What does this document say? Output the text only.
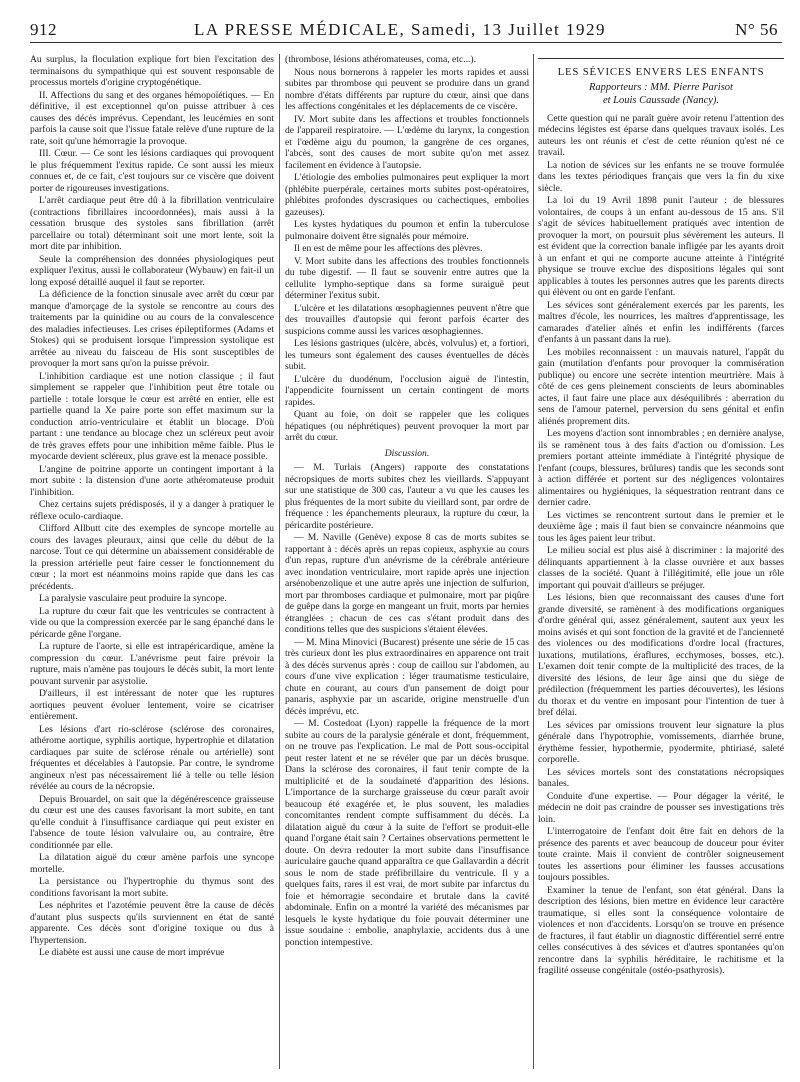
912	LA PRESSE MÉDICALE, Samedi, 13 Juillet 1929	N° 56

Au surplus, la floculation explique fort bien l'excitation des terminaisons du sympathique qui est souvent responsable de processus mortels d'origine cryptogénétique.

II. Affections du sang et des organes hémopoïétiques. — En définitive, il est exceptionnel qu'on puisse attribuer à ces causes des décès imprévus. Cependant, les leucémies en sont parfois la cause soit que l'issue fatale relève d'une rupture de la rate, soit qu'une hémorragie la provoque.

III. Cœur. — Ce sont les lésions cardiaques qui provoquent le plus fréquemment l'exitus rapide. Ce sont aussi les mieux connues et, de ce fait, c'est toujours sur ce viscère que doivent porter de rigoureuses investigations.

L'arrêt cardiaque peut être dû à la fibrillation ventriculaire (contractions fibrillaires incoordonnées), mais aussi à la cessation brusque des systoles sans fibrillation (arrêt parcellaire ou total) déterminant soit une mort lente, soit la mort dite par inhibition.

Seule la compréhension des données physiologiques peut expliquer l'exitus, aussi le collaborateur (Wybauw) en fait-il un long exposé détaillé auquel il faut se reporter.

La déficience de la fonction sinusale avec arrêt du cœur par manque d'amorçage de la systole se rencontre au cours des traitements par la quinidine ou au cours de la convalescence des maladies infectieuses. Les crises épileptiformes (Adams et Stokes) qui se produisent lorsque l'impression systolique est arrêtée au niveau du faisceau de His sont susceptibles de provoquer la mort sans qu'on la puisse prévoir.

L'inhibition cardiaque est une notion classique ; il faut simplement se rappeler que l'inhibition peut être totale ou partielle : totale lorsque le cœur est arrêté en entier, elle est partielle quand la Xe paire porte son effet maximum sur la conduction atrio-ventriculaire et établit un blocage. D'où partant : une tendance au blocage chez un scléreux peut avoir de très graves effets pour une inhibition même faible. Plus le myocarde devient scléreux, plus grave est la menace possible.

L'angine de poitrine apporte un contingent important à la mort subite : la distension d'une aorte athéromateuse produit l'inhibition.

Chez certains sujets prédisposés, il y a danger à pratiquer le réflexe oculo-cardiaque.

Clifford Allbutt cite des exemples de syncope mortelle au cours des lavages pleuraux, ainsi que celle du début de la narcose. Tout ce qui détermine un abaissement considérable de la pression artérielle peut faire cesser le fonctionnement du cœur ; la mort est néanmoins moins rapide que dans les cas précédents.

La paralysie vasculaire peut produire la syncope.

La rupture du cœur fait que les ventricules se contractent à vide ou que la compression exercée par le sang épanché dans le péricarde gêne l'organe.

La rupture de l'aorte, si elle est intrapéricardique, amène la compression du cœur. L'anévrisme peut faire prévoir la rupture, mais n'amène pas toujours le décès subit, la mort lente pouvant survenir par asystolie.

D'ailleurs, il est intéressant de noter que les ruptures aortiques peuvent évoluer lentement, voire se cicatriser entièrement.

Les lésions d'art rio-sclérose (sclérose des coronaires, athérome aortique, syphilis aortique, hypertrophie et dilatation cardiaques par suite de sclérose rénale ou artérielle) sont fréquentes et décelables à l'autopsie. Par contre, le syndrome angineux n'est pas nécessairement lié à telle ou telle lésion révélée au cours de la nécropsie.

Depuis Brouardel, on sait que la dégénérescence graisseuse du cœur est une des causes favorisant la mort subite, en tant qu'elle conduit à l'insuffisance cardiaque qui peut exister en l'absence de toute lésion valvulaire ou, au contraire, être conditionnée par elle.

La dilatation aiguë du cœur amène parfois une syncope mortelle.

La persistance ou l'hypertrophie du thymus sont des conditions favorisant la mort subite.

Les néphrites et l'azotémie peuvent être la cause de décès d'autant plus suspects qu'ils surviennent en état de santé apparente. Ces décès sont d'origine toxique ou dus à l'hypertension.

Le diabète est aussi une cause de mort imprévue

(thrombose, lésions athéromateuses, coma, etc...).

Nous nous bornerons à rappeler les morts rapides et aussi subites par thrombose qui peuvent se produire dans un grand nombre d'états différents par rupture du cœur, ainsi que dans les affections congénitales et les déplacements de ce viscère.

IV. Mort subite dans les affections et troubles fonctionnels de l'appareil respiratoire. — L'œdème du larynx, la congestion et l'œdème aigu du poumon, la gangrène de ces organes, l'abcès, sont des causes de mort subite qu'on met assez facilement en évidence à l'autopsie.

L'étiologie des embolies pulmonaires peut expliquer la mort (phlébite puerpérale, certaines morts subites post-opératoires, phlébites profondes dyscrasiques ou cachectiques, embolies gazeuses).

Les kystes hydatiques du poumon et enfin la tuberculose pulmonaire doivent être signalés pour mémoire.

Il en est de même pour les affections des plèvres.

V. Mort subite dans les affections des troubles fonctionnels du tube digestif. — Il faut se souvenir entre autres que la cellulite lympho-septique dans sa forme suraiguë peut déterminer l'exitus subit.

L'ulcère et les dilatations œsophagiennes peuvent n'être que des trouvailles d'autopsie qui feront parfois écarter des suspicions comme aussi les varices œsophagiennes.

Les lésions gastriques (ulcère, abcès, volvulus) et, a fortiori, les tumeurs sont également des causes éventuelles de décès subit.

L'ulcère du duodénum, l'occlusion aiguë de l'intestin, l'appendicite fournissent un certain contingent de morts rapides.

Quant au foie, on doit se rappeler que les coliques hépatiques (ou néphrétiques) peuvent provoquer la mort par arrêt du cœur.

Discussion.

— M. Turlais (Angers) rapporte des constatations nécropsiques de morts subites chez les vieillards. S'appuyant sur une statistique de 300 cas, l'auteur a vu que les causes les plus fréquentes de la mort subite du vieillard sont, par ordre de fréquence : les épanchements pleuraux, la rupture du cœur, la péricardite postérieure.

— M. Naville (Genève) expose 8 cas de morts subites se rapportant à : décès après un repas copieux, asphyxie au cours d'un repas, rupture d'un anévrisme de la cérébrale antérieure avec inondation ventriculaire, mort rapide après une injection arsénobenzolique et une autre après une injection de sulfurion, mort par thromboses cardiaque et pulmonaire, mort par piqûre de guêpe dans la gorge en mangeant un fruit, morts par hernies étranglées ; chacun de ces cas s'étant produit dans des conditions telles que des suspicions s'étaient élevées.

— M. Mina Minovici (Bucarest) présente une série de 15 cas très curieux dont les plus extraordinaires en apparence ont trait à des décès survenus après : coup de caillou sur l'abdomen, au cours d'une vive explication : léger traumatisme testiculaire, chute en courant, au cours d'un pansement de doigt pour panaris, asphyxie par un ascaride, origine menstruelle d'un décès imprévu, etc.

— M. Costedoat (Lyon) rappelle la fréquence de la mort subite au cours de la paralysie générale et dont, fréquemment, on ne trouve pas l'explication. Le mal de Pott sous-occipital peut rester latent et ne se révéler que par un décès brusque. Dans la sclérose des coronaires, il faut tenir compte de la multiplicité et de la soudaineté d'apparition des lésions. L'importance de la surcharge graisseuse du cœur paraît avoir beaucoup été exagérée et, le plus souvent, les maladies concomitantes rendent compte suffisamment du décès. La dilatation aiguë du cœur à la suite de l'effort se produit-elle quand l'organe était sain ? Certaines observations permettent le doute. On devra redouter la mort subite dans l'insuffisance auriculaire gauche quand apparaîtra ce que Gallavardin a décrit sous le nom de stade préfibrillaire du ventricule. Il y a quelques faits, rares il est vrai, de mort subite par infarctus du foie et hémorragie secondaire et brutale dans la cavité abdominale. Enfin on a montré la variété des mécanismes par lesquels le kyste hydatique du foie pouvait déterminer une issue soudaine : embolie, anaphylaxie, accidents dus à une ponction intempestive.

LES SÉVICES ENVERS LES ENFANTS
Rapporteurs : MM. Pierre Parisot
et Louis Caussade (Nancy).

Cette question qui ne paraît guère avoir retenu l'attention des médecins légistes est éparse dans quelques travaux isolés. Les auteurs les ont réunis et c'est de cette réunion qu'est né ce travail.

La notion de sévices sur les enfants ne se trouve formulée dans les textes périodiques français que vers la fin du xixe siècle.

La loi du 19 Avril 1898 punit l'auteur : de blessures volontaires, de coups à un enfant au-dessous de 15 ans. S'il s'agit de sévices habituellement pratiqués avec intention de provoquer la mort, on poursuit plus sévèrement les auteurs. Il est évident que la correction banale infligée par les ayants droit à un enfant et qui ne comporte aucune atteinte à l'intégrité physique se trouve exclue des dispositions légales qui sont applicables à toutes les personnes autres que les parents directs qui élèvent ou ont en garde l'enfant.

Les sévices sont généralement exercés par les parents, les maîtres d'école, les nourrices, les maîtres d'apprentissage, les camarades d'atelier aînés et enfin les indifférents (farces d'enfants à un passant dans la rue).

Les mobiles reconnaissent : un mauvais naturel, l'appât du gain (mutilation d'enfants pour provoquer la commisération publique) ou encore une secrète intention meurtrière. Mais à côté de ces gens pleinement conscients de leurs abominables actes, il faut faire une place aux déséquilibrés : aberration du sens de l'amour paternel, perversion du sens génital et enfin aliénés proprement dits.

Les moyens d'action sont innombrables ; en dernière analyse, ils se ramènent tous à des faits d'action ou d'omission. Les premiers portant atteinte immédiate à l'intégrité physique de l'enfant (coups, blessures, brûlures) tandis que les seconds sont à action différée et portent sur des négligences volontaires alimentaires ou hygiéniques, la séquestration rentrant dans ce dernier cadre.

Les victimes se rencontrent surtout dans le premier et le deuxième âge ; mais il faut bien se convaincre néanmoins que tous les âges paient leur tribut.

Le milieu social est plus aisé à discriminer : la majorité des délinquants appartiennent à la classe ouvrière et aux basses classes de la société. Quant à l'illégitimité, elle joue un rôle important qui pouvait d'ailleurs se préjuger.

Les lésions, bien que reconnaissant des causes d'une fort grande diversité, se ramènent à des modifications organiques d'ordre général qui, assez généralement, sautent aux yeux les moins avisés et qui sont fonction de la gravité et de l'ancienneté des violences ou des modifications d'ordre local (fractures, luxations, mutilations, éraflures, ecchymoses, bosses, etc.). L'examen doit tenir compte de la multiplicité des traces, de la diversité des lésions, de leur âge ainsi que du siège de prédilection (fréquemment les parties découvertes), les lésions du thorax et du ventre en imposant pour l'intention de tuer à bref délai.

Les sévices par omissions trouvent leur signature la plus générale dans l'hypotrophie, vomissements, diarrhée brune, érythème fessier, hypothermie, pyodermite, phtiriasé, saleté corporelle.

Les sévices mortels sont des constatations nécropsiques banales.

Conduite d'une expertise. — Pour dégager la vérité, le médecin ne doit pas craindre de pousser ses investigations très loin.

L'interrogatoire de l'enfant doit être fait en dehors de la présence des parents et avec beaucoup de douceur pour éviter toute crainte. Mais il convient de contrôler soigneusement toutes les assertions pour éliminer les fausses accusations toujours possibles.

Examiner la tenue de l'enfant, son état général. Dans la description des lésions, bien mettre en évidence leur caractère traumatique, si elles sont la conséquence volontaire de violences et non d'accidents. Lorsqu'on se trouve en présence de fractures, il faut établir un diagnostic différentiel serré entre celles consécutives à des sévices et d'autres spontanées qu'on rencontre dans la syphilis héréditaire, le rachitisme et la fragilité osseuse congénitale (ostéo-psathyrosis).
